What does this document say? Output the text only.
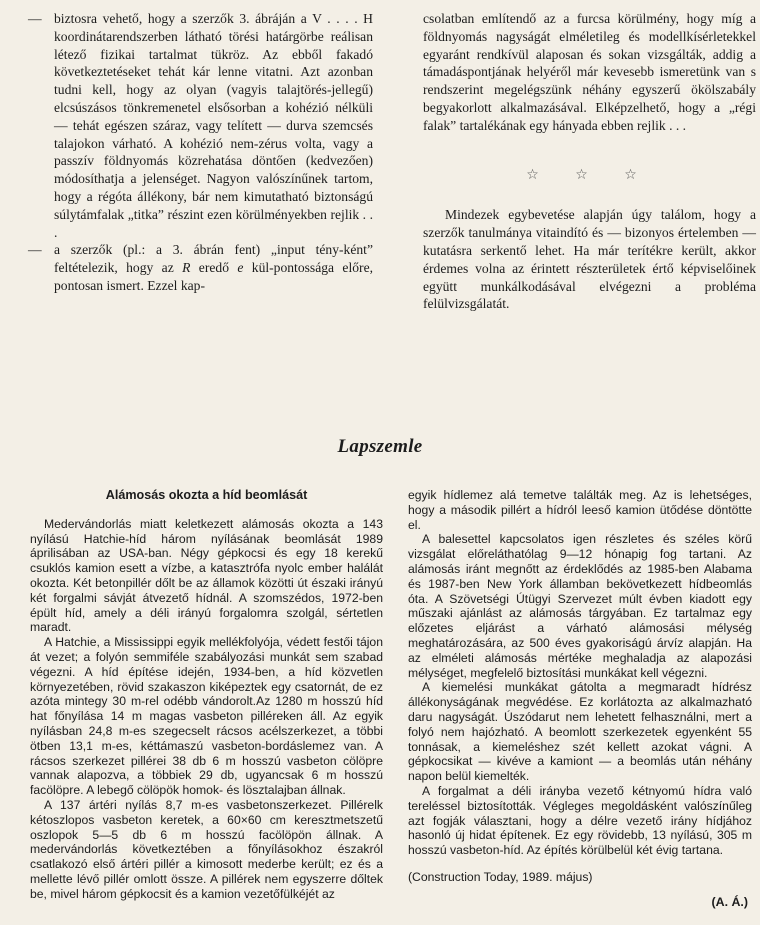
— biztosra vehető, hogy a szerzők 3. ábráján a V . . . . H koordinátarendszerben látható törési határgörbe reálisan létező fizikai tartalmat tükröz. Az ebből fakadó következtetéseket tehát kár lenne vitatni. Azt azonban tudni kell, hogy az olyan (vagyis talajtörés-jellegű) elcsúszásos tönkremenetel elsősorban a kohézió nélküli — tehát egészen száraz, vagy telített — durva szemcsés talajokon várható. A kohézió nem-zérus volta, vagy a passzív földnyomás közrehatása döntően (kedvezően) módosíthatja a jelenséget. Nagyon valószínűnek tartom, hogy a régóta állékony, bár nem kimutatható biztonságú súlytámfalak „titka” részint ezen körülményekben rejlik . . .
— a szerzők (pl.: a 3. ábrán fent) „input tény-ként” feltételezik, hogy az R eredő e kül-pontossága előre, pontosan ismert. Ezzel kap-

csolatban említendő az a furcsa körülmény, hogy míg a földnyomás nagyságát elméletileg és modellkísérletekkel egyaránt rendkívül alaposan és sokan vizsgálták, addig a támadáspontjának helyéről már kevesebb ismeretünk van s rendszerint megelégszünk néhány egyszerű ökölszabály begyakorlott alkalmazásával. Elképzelhető, hogy a „régi falak” tartalékának egy hányada ebben rejlik . . .

☆ ☆ ☆

Mindezek egybevetése alapján úgy találom, hogy a szerzők tanulmánya vitaindító és — bizonyos értelemben — kutatásra serkentő lehet. Ha már terítékre került, akkor érdemes volna az érintett részterületek értő képviselőinek együtt munkálkodásával elvégezni a probléma felülvizsgálatát.

Lapszemle
Alámosás okozta a híd beomlását

Medervándorlás miatt keletkezett alámosás okozta a 143 nyílású Hatchie-híd három nyílásának beomlását 1989 áprilisában az USA-ban. Négy gépkocsi és egy 18 kerekű csuklós kamion esett a vízbe, a katasztrófa nyolc ember halálát okozta. Két betonpillér dőlt be az államok közötti út északi irányú két forgalmi sávját átvezető hídnál. A szomszédos, 1972-ben épült híd, amely a déli irányú forgalomra szolgál, sértetlen maradt.

A Hatchie, a Mississippi egyik mellékfolyója, védett festői tájon át vezet; a folyón semmiféle szabályozási munkát sem szabad végezni. A híd építése idején, 1934-ben, a híd közvetlen környezetében, rövid szakaszon kiképeztek egy csatornát, de ez azóta mintegy 30 m-rel odébb vándorolt.Az 1280 m hosszú híd hat főnyílása 14 m magas vasbeton pilléreken áll. Az egyik nyílásban 24,8 m-es szegecselt rácsos acélszerkezet, a többi ötben 13,1 m-es, kéttámaszú vasbeton-bordáslemez van. A rácsos szerkezet pillérei 38 db 6 m hosszú vasbeton cölöpre vannak alapozva, a többiek 29 db, ugyancsak 6 m hosszú facölöpre. A lebegő cölöpök homok- és lösztalajban állnak.

A 137 ártéri nyílás 8,7 m-es vasbetonszerkezet. Pillérelk kétoszlopos vasbeton keretek, a 60×60 cm keresztmetszetű oszlopok 5—5 db 6 m hosszú facölöpön állnak. A medervándorlás következtében a főnyílásokhoz északról csatlakozó első ártéri pillér a kimosott mederbe került; ez és a mellette lévő pillér omlott össze. A pillérek nem egyszerre dőltek be, mivel három gépkocsit és a kamion vezetőfülkéjét az

egyik hídlemez alá temetve találták meg. Az is lehetséges, hogy a második pillért a hídról leeső kamion ütődése döntötte el.

A balesettel kapcsolatos igen részletes és széles körű vizsgálat előreláthatólag 9—12 hónapig fog tartani. Az alámosás iránt megnőtt az érdeklődés az 1985-ben Alabama és 1987-ben New York államban bekövetkezett hídbeomlás óta. A Szövetségi Útügyi Szervezet múlt évben kiadott egy műszaki ajánlást az alámosás tárgyában. Ez tartalmaz egy előzetes eljárást a várható alámosási mélység meghatározására, az 500 éves gyakoriságú árvíz alapján. Ha az elméleti alámosás mértéke meghaladja az alapozási mélységet, megfelelő biztosítási munkákat kell végezni.

A kiemelési munkákat gátolta a megmaradt hídrész állékonyságának megvédése. Ez korlátozta az alkalmazható daru nagyságát. Úszódarut nem lehetett felhasználni, mert a folyó nem hajózható. A beomlott szerkezetek egyenként 55 tonnásak, a kiemeléshez szét kellett azokat vágni. A gépkocsikat — kivéve a kamiont — a beomlás után néhány napon belül kiemelték.

A forgalmat a déli irányba vezető kétnyomú hídra való tereléssel biztosították. Végleges megoldásként valószínűleg azt fogják választani, hogy a délre vezető irány hídjához hasonló új hidat építenek. Ez egy rövidebb, 13 nyílású, 305 m hosszú vasbeton-híd. Az építés körülbelül két évig tartana.

(Construction Today, 1989. május)

(A. Á.)
